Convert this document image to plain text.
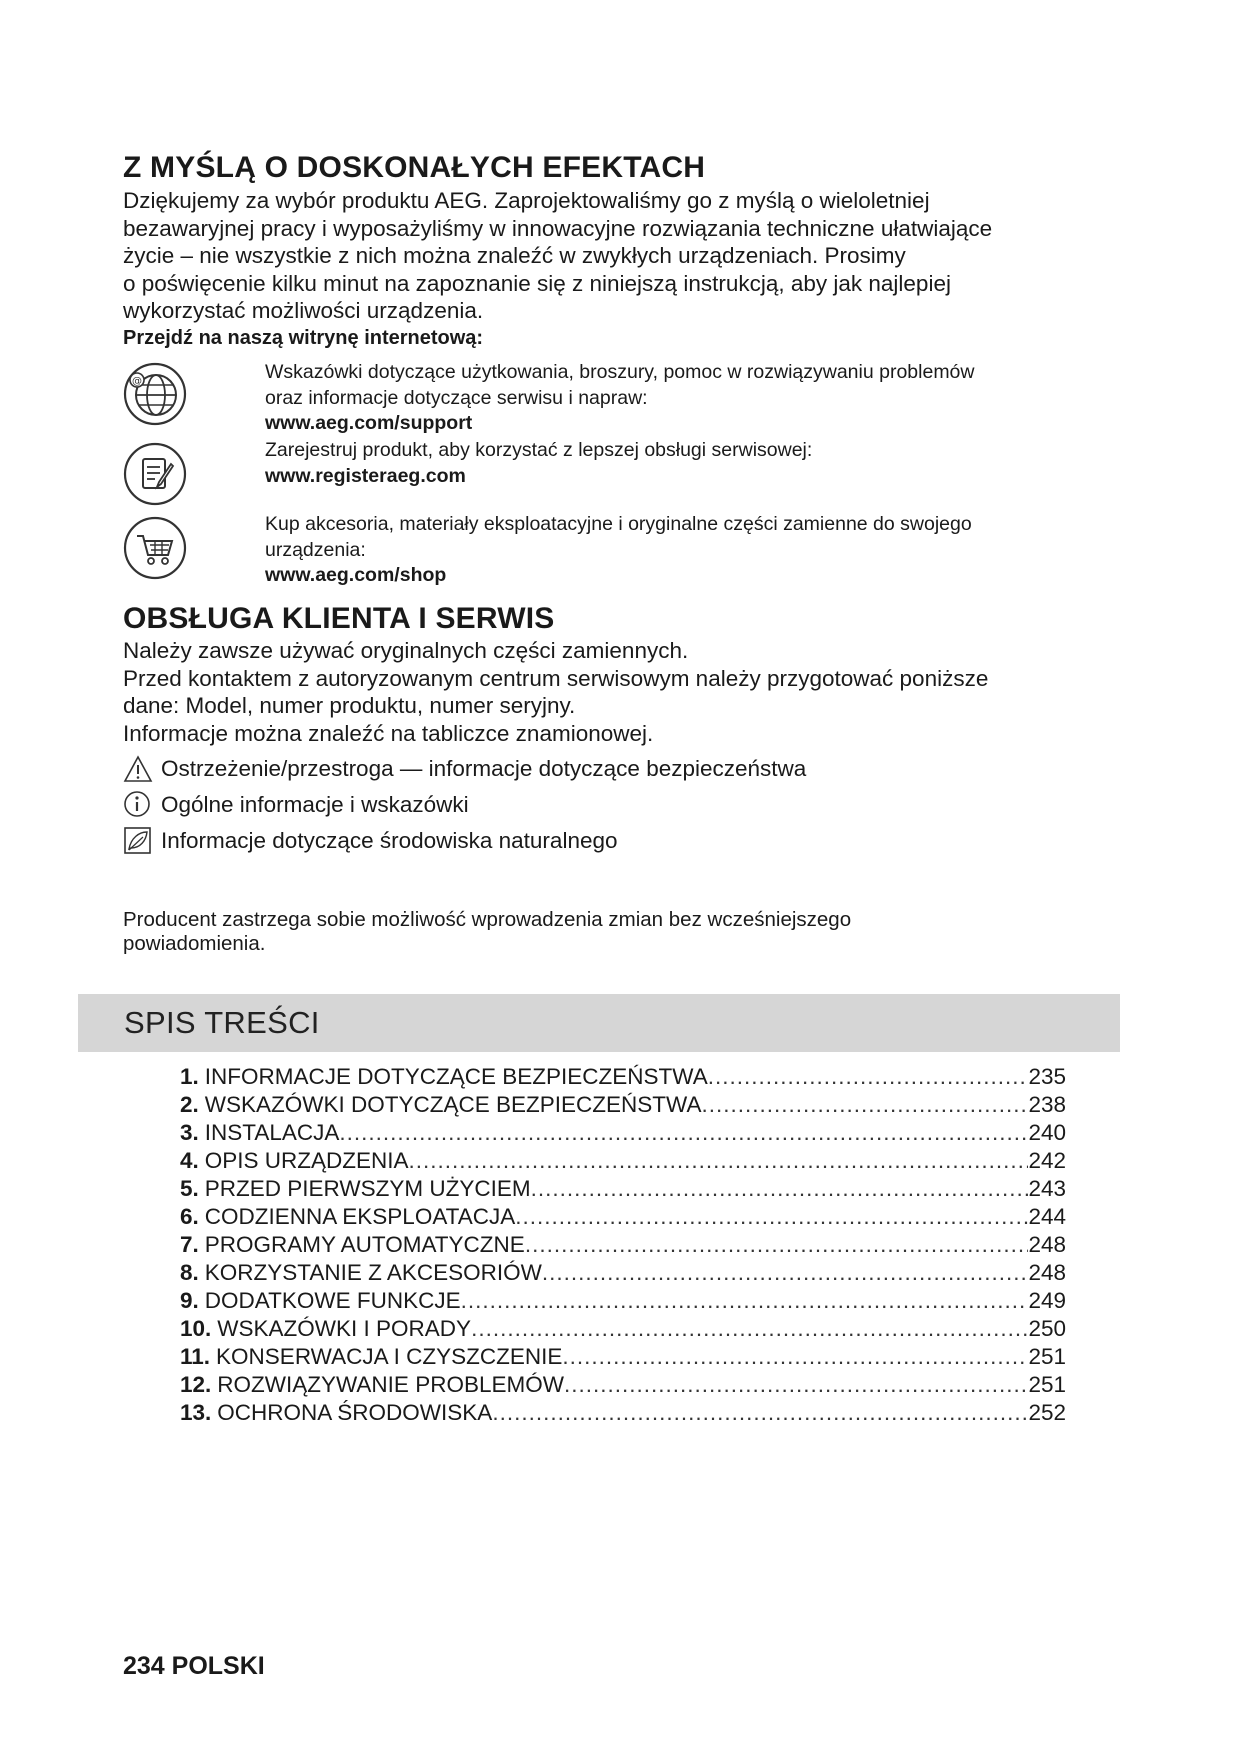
Z MYŚLĄ O DOSKONAŁYCH EFEKTACH
Dziękujemy za wybór produktu AEG. Zaprojektowaliśmy go z myślą o wieloletniej
bezawaryjnej pracy i wyposażyliśmy w innowacyjne rozwiązania techniczne ułatwiające
życie – nie wszystkie z nich można znaleźć w zwykłych urządzeniach. Prosimy
o poświęcenie kilku minut na zapoznanie się z niniejszą instrukcją, aby jak najlepiej
wykorzystać możliwości urządzenia.
Przejdź na naszą witrynę internetową:
@	Wskazówki dotyczące użytkowania, broszury, pomoc w rozwiązywaniu problemów
oraz informacje dotyczące serwisu i napraw:
www.aeg.com/support
Zarejestruj produkt, aby korzystać z lepszej obsługi serwisowej:
www.registeraeg.com
Kup akcesoria, materiały eksploatacyjne i oryginalne części zamienne do swojego
urządzenia:
www.aeg.com/shop
OBSŁUGA KLIENTA I SERWIS
Należy zawsze używać oryginalnych części zamiennych.
Przed kontaktem z autoryzowanym centrum serwisowym należy przygotować poniższe
dane: Model, numer produktu, numer seryjny.
Informacje można znaleźć na tabliczce znamionowej.
Ostrzeżenie/przestroga — informacje dotyczące bezpieczeństwa
Ogólne informacje i wskazówki
Informacje dotyczące środowiska naturalnego
Producent zastrzega sobie możliwość wprowadzenia zmian bez wcześniejszego
powiadomienia.
SPIS TREŚCI
1. INFORMACJE DOTYCZĄCE BEZPIECZEŃSTWA .....	235
2. WSKAZÓWKI DOTYCZĄCE BEZPIECZEŃSTWA .....	238
3. INSTALACJA .....	240
4. OPIS URZĄDZENIA .....	242
5. PRZED PIERWSZYM UŻYCIEM .....	243
6. CODZIENNA EKSPLOATACJA .....	244
7. PROGRAMY AUTOMATYCZNE .....	248
8. KORZYSTANIE Z AKCESORIÓW .....	248
9. DODATKOWE FUNKCJE .....	249
10. WSKAZÓWKI I PORADY .....	250
11. KONSERWACJA I CZYSZCZENIE .....	251
12. ROZWIĄZYWANIE PROBLEMÓW .....	251
13. OCHRONA ŚRODOWISKA .....	252
234 POLSKI
